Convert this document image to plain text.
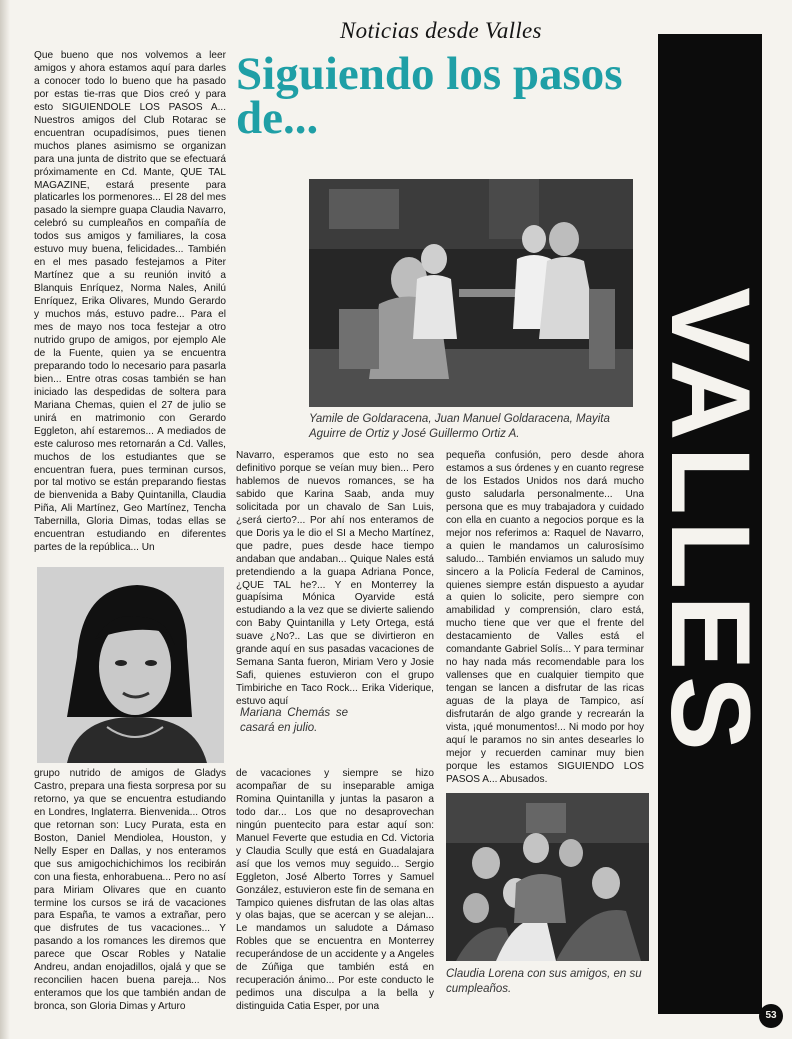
Noticias desde Valles
Siguiendo los pasos de...
Que bueno que nos volvemos a leer amigos y ahora estamos aquí para darles a conocer todo lo bueno que ha pasado por estas tie-rras que Dios creó y para esto SIGUIENDOLE LOS PASOS A... Nuestros amigos del Club Rotarac se encuentran ocupadísimos, pues tienen muchos planes asimismo se organizan para una junta de distrito que se efectuará próximamente en Cd. Mante, QUE TAL MAGAZINE, estará presente para platicarles los pormenores... El 28 del mes pasado la siempre guapa Claudia Navarro, celebró su cumpleaños en compañía de todos sus amigos y familiares, la cosa estuvo muy buena, felicidades... También en el mes pasado festejamos a Piter Martínez que a su reunión invitó a Blanquis Enríquez, Norma Nales, Anilú Enríquez, Erika Olivares, Mundo Gerardo y muchos más, estuvo padre... Para el mes de mayo nos toca festejar a otro nutrido grupo de amigos, por ejemplo Ale de la Fuente, quien ya se encuentra preparando todo lo necesario para pasarla bien... Entre otras cosas también se han iniciado las despedidas de soltera para Mariana Chemas, quien el 27 de julio se unirá en matrimonio con Gerardo Eggleton, ahí estaremos... A mediados de este caluroso mes retornarán a Cd. Valles, muchos de los estudiantes que se encuentran fuera, pues terminan cursos, por tal motivo se están preparando fiestas de bienvenida a Baby Quintanilla, Claudia Piña, Ali Martínez, Geo Martínez, Tencha Tabernilla, Gloria Dimas, todas ellas se encuentran estudiando en diferentes partes de la república... Un
Yamile de Goldaracena, Juan Manuel Goldaracena, Mayita Aguirre de Ortiz y José Guillermo Ortiz A.
grupo nutrido de amigos de Gladys Castro, prepara una fiesta sorpresa por su retorno, ya que se encuentra estudiando en Londres, Inglaterra. Bienvenida... Otros que retornan son: Lucy Purata, esta en Boston, Daniel Mendiolea, Houston, y Nelly Esper en Dallas, y nos enteramos que sus amigochichichimos los recibirán con una fiesta, enhorabuena... Pero no así para Miriam Olivares que en cuanto termine los cursos se irá de vacaciones para España, te vamos a extrañar, pero que disfrutes de tus vacaciones... Y pasando a los romances les diremos que parece que Oscar Robles y Natalie Andreu, andan enojadillos, ojalá y que se reconcilien hacen buena pareja... Nos enteramos que los que también andan de bronca, son Gloria Dimas y Arturo
Navarro, esperamos que esto no sea definitivo porque se veían muy bien... Pero hablemos de nuevos romances, se ha sabido que Karina Saab, anda muy solicitada por un chavalo de San Luis, ¿será cierto?... Por ahí nos enteramos de que Doris ya le dio el SI a Mecho Martínez, que padre, pues desde hace tiempo andaban que andaban... Quique Nales está pretendiendo a la guapa Adriana Ponce, ¿QUE TAL he?... Y en Monterrey la guapísima Mónica Oyarvide está estudiando a la vez que se divierte saliendo con Baby Quintanilla y Lety Ortega, está suave ¿No?.. Las que se divirtieron en grande aquí en sus pasadas vacaciones de Semana Santa fueron, Miriam Vero y Josie Safi, quienes estuvieron con el grupo Timbiriche en Taco Rock... Erika Viderique, estuvo aquí
Mariana Chemás se casará en julio.
de vacaciones y siempre se hizo acompañar de su inseparable amiga Romina Quintanilla y juntas la pasaron a todo dar... Los que no desaprovechan ningún puentecito para estar aquí son: Manuel Feverte que estudia en Cd. Victoria y Claudia Scully que está en Guadalajara así que los vemos muy seguido... Sergio Eggleton, José Alberto Torres y Samuel González, estuvieron este fin de semana en Tampico quienes disfrutan de las olas altas y olas bajas, que se acercan y se alejan... Le mandamos un saludote a Dámaso Robles que se encuentra en Monterrey recuperándose de un accidente y a Angeles de Zúñiga que también está en recuperación ánimo... Por este conducto le pedimos una disculpa a la bella y distinguida Catia Esper, por una
pequeña confusión, pero desde ahora estamos a sus órdenes y en cuanto regrese de los Estados Unidos nos dará mucho gusto saludarla personalmente... Una persona que es muy trabajadora y cuidado con ella en cuanto a negocios porque es la mejor nos referimos a: Raquel de Navarro, a quien le mandamos un calurosísimo saludo... También enviamos un saludo muy sincero a la Policía Federal de Caminos, quienes siempre están dispuesto a ayudar a quien lo solicite, pero siempre con amabilidad y comprensión, claro está, mucho tiene que ver que el frente del destacamiento de Valles está el comandante Gabriel Solís... Y para terminar no hay nada más recomendable para los vallenses que en cualquier tiempito que tengan se lancen a disfrutar de las ricas aguas de la playa de Tampico, así disfrutarán de algo grande y recrearán la vista, ¡qué monumentos!... Ni modo por hoy aquí le paramos no sin antes desearles lo mejor y recuerden caminar muy bien porque les estamos SIGUIENDO LOS PASOS A... Abusados.
Claudia Lorena con sus amigos, en su cumpleaños.
VALLES
53
